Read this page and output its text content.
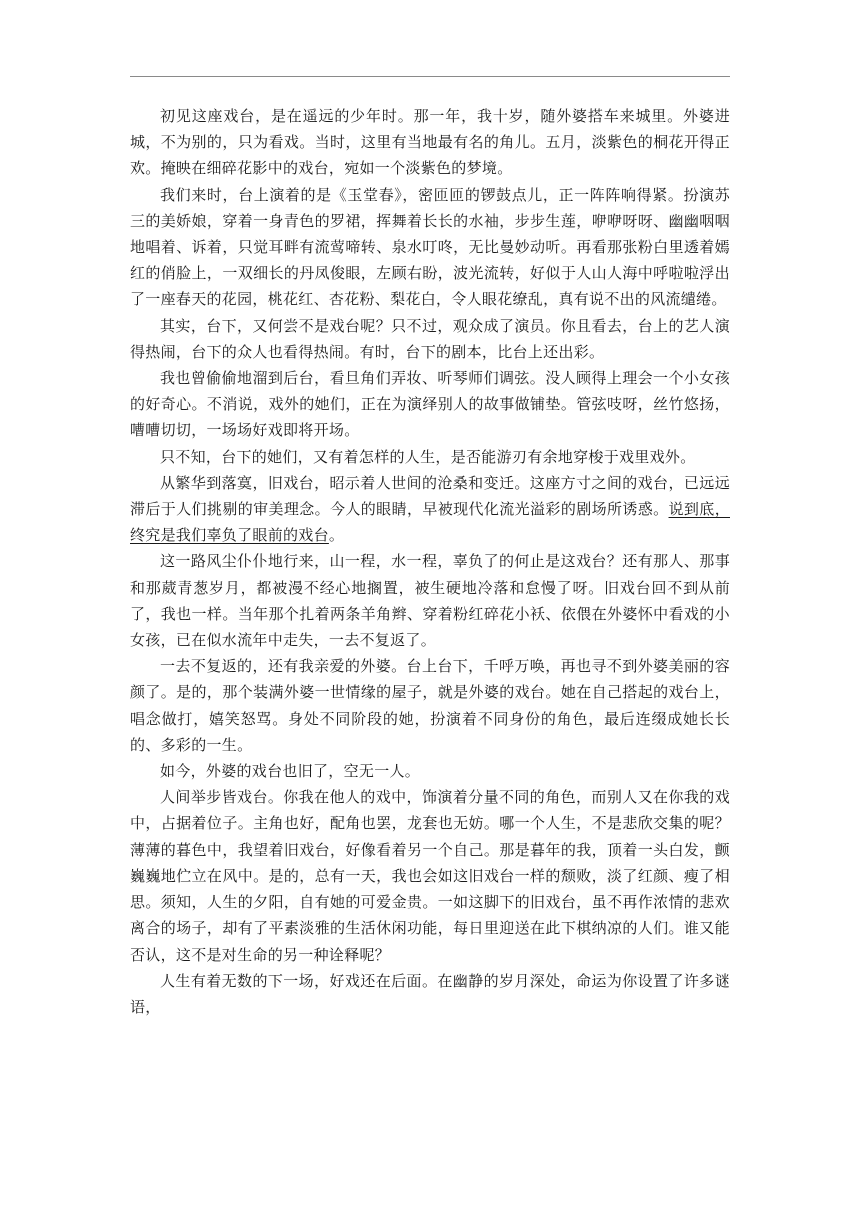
初见这座戏台，是在遥远的少年时。那一年，我十岁，随外婆搭车来城里。外婆进城，不为别的，只为看戏。当时，这里有当地最有名的角儿。五月，淡紫色的桐花开得正欢。掩映在细碎花影中的戏台，宛如一个淡紫色的梦境。

我们来时，台上演着的是《玉堂春》，密匝匝的锣鼓点儿，正一阵阵响得紧。扮演苏三的美娇娘，穿着一身青色的罗裙，挥舞着长长的水袖，步步生莲，咿咿呀呀、幽幽咽咽地唱着、诉着，只觉耳畔有流莺啼转、泉水叮咚，无比曼妙动听。再看那张粉白里透着嫣红的俏脸上，一双细长的丹凤俊眼，左顾右盼，波光流转，好似于人山人海中呼啦啦浮出了一座春天的花园，桃花红、杏花粉、梨花白，令人眼花缭乱，真有说不出的风流缱绻。

其实，台下，又何尝不是戏台呢？只不过，观众成了演员。你且看去，台上的艺人演得热闹，台下的众人也看得热闹。有时，台下的剧本，比台上还出彩。

我也曾偷偷地溜到后台，看旦角们弄妆、听琴师们调弦。没人顾得上理会一个小女孩的好奇心。不消说，戏外的她们，正在为演绎别人的故事做铺垫。管弦吱呀，丝竹悠扬，嘈嘈切切，一场场好戏即将开场。

只不知，台下的她们，又有着怎样的人生，是否能游刃有余地穿梭于戏里戏外。

从繁华到落寞，旧戏台，昭示着人世间的沧桑和变迁。这座方寸之间的戏台，已远远滞后于人们挑剔的审美理念。今人的眼睛，早被现代化流光溢彩的剧场所诱惑。说到底，终究是我们辜负了眼前的戏台。

这一路风尘仆仆地行来，山一程，水一程，辜负了的何止是这戏台？还有那人、那事和那葳青葱岁月，都被漫不经心地搁置，被生硬地冷落和怠慢了呀。旧戏台回不到从前了，我也一样。当年那个扎着两条羊角辫、穿着粉红碎花小袄、依偎在外婆怀中看戏的小女孩，已在似水流年中走失，一去不复返了。

一去不复返的，还有我亲爱的外婆。台上台下，千呼万唤，再也寻不到外婆美丽的容颜了。是的，那个装满外婆一世情缘的屋子，就是外婆的戏台。她在自己搭起的戏台上，唱念做打，嬉笑怒骂。身处不同阶段的她，扮演着不同身份的角色，最后连缀成她长长的、多彩的一生。

如今，外婆的戏台也旧了，空无一人。

人间举步皆戏台。你我在他人的戏中，饰演着分量不同的角色，而别人又在你我的戏中，占据着位子。主角也好，配角也罢，龙套也无妨。哪一个人生，不是悲欣交集的呢？薄薄的暮色中，我望着旧戏台，好像看着另一个自己。那是暮年的我，顶着一头白发，颤巍巍地伫立在风中。是的，总有一天，我也会如这旧戏台一样的颓败，淡了红颜、瘦了相思。须知，人生的夕阳，自有她的可爱金贵。一如这脚下的旧戏台，虽不再作浓情的悲欢离合的场子，却有了平素淡雅的生活休闲功能，每日里迎送在此下棋纳凉的人们。谁又能否认，这不是对生命的另一种诠释呢？

人生有着无数的下一场，好戏还在后面。在幽静的岁月深处，命运为你设置了许多谜语，
